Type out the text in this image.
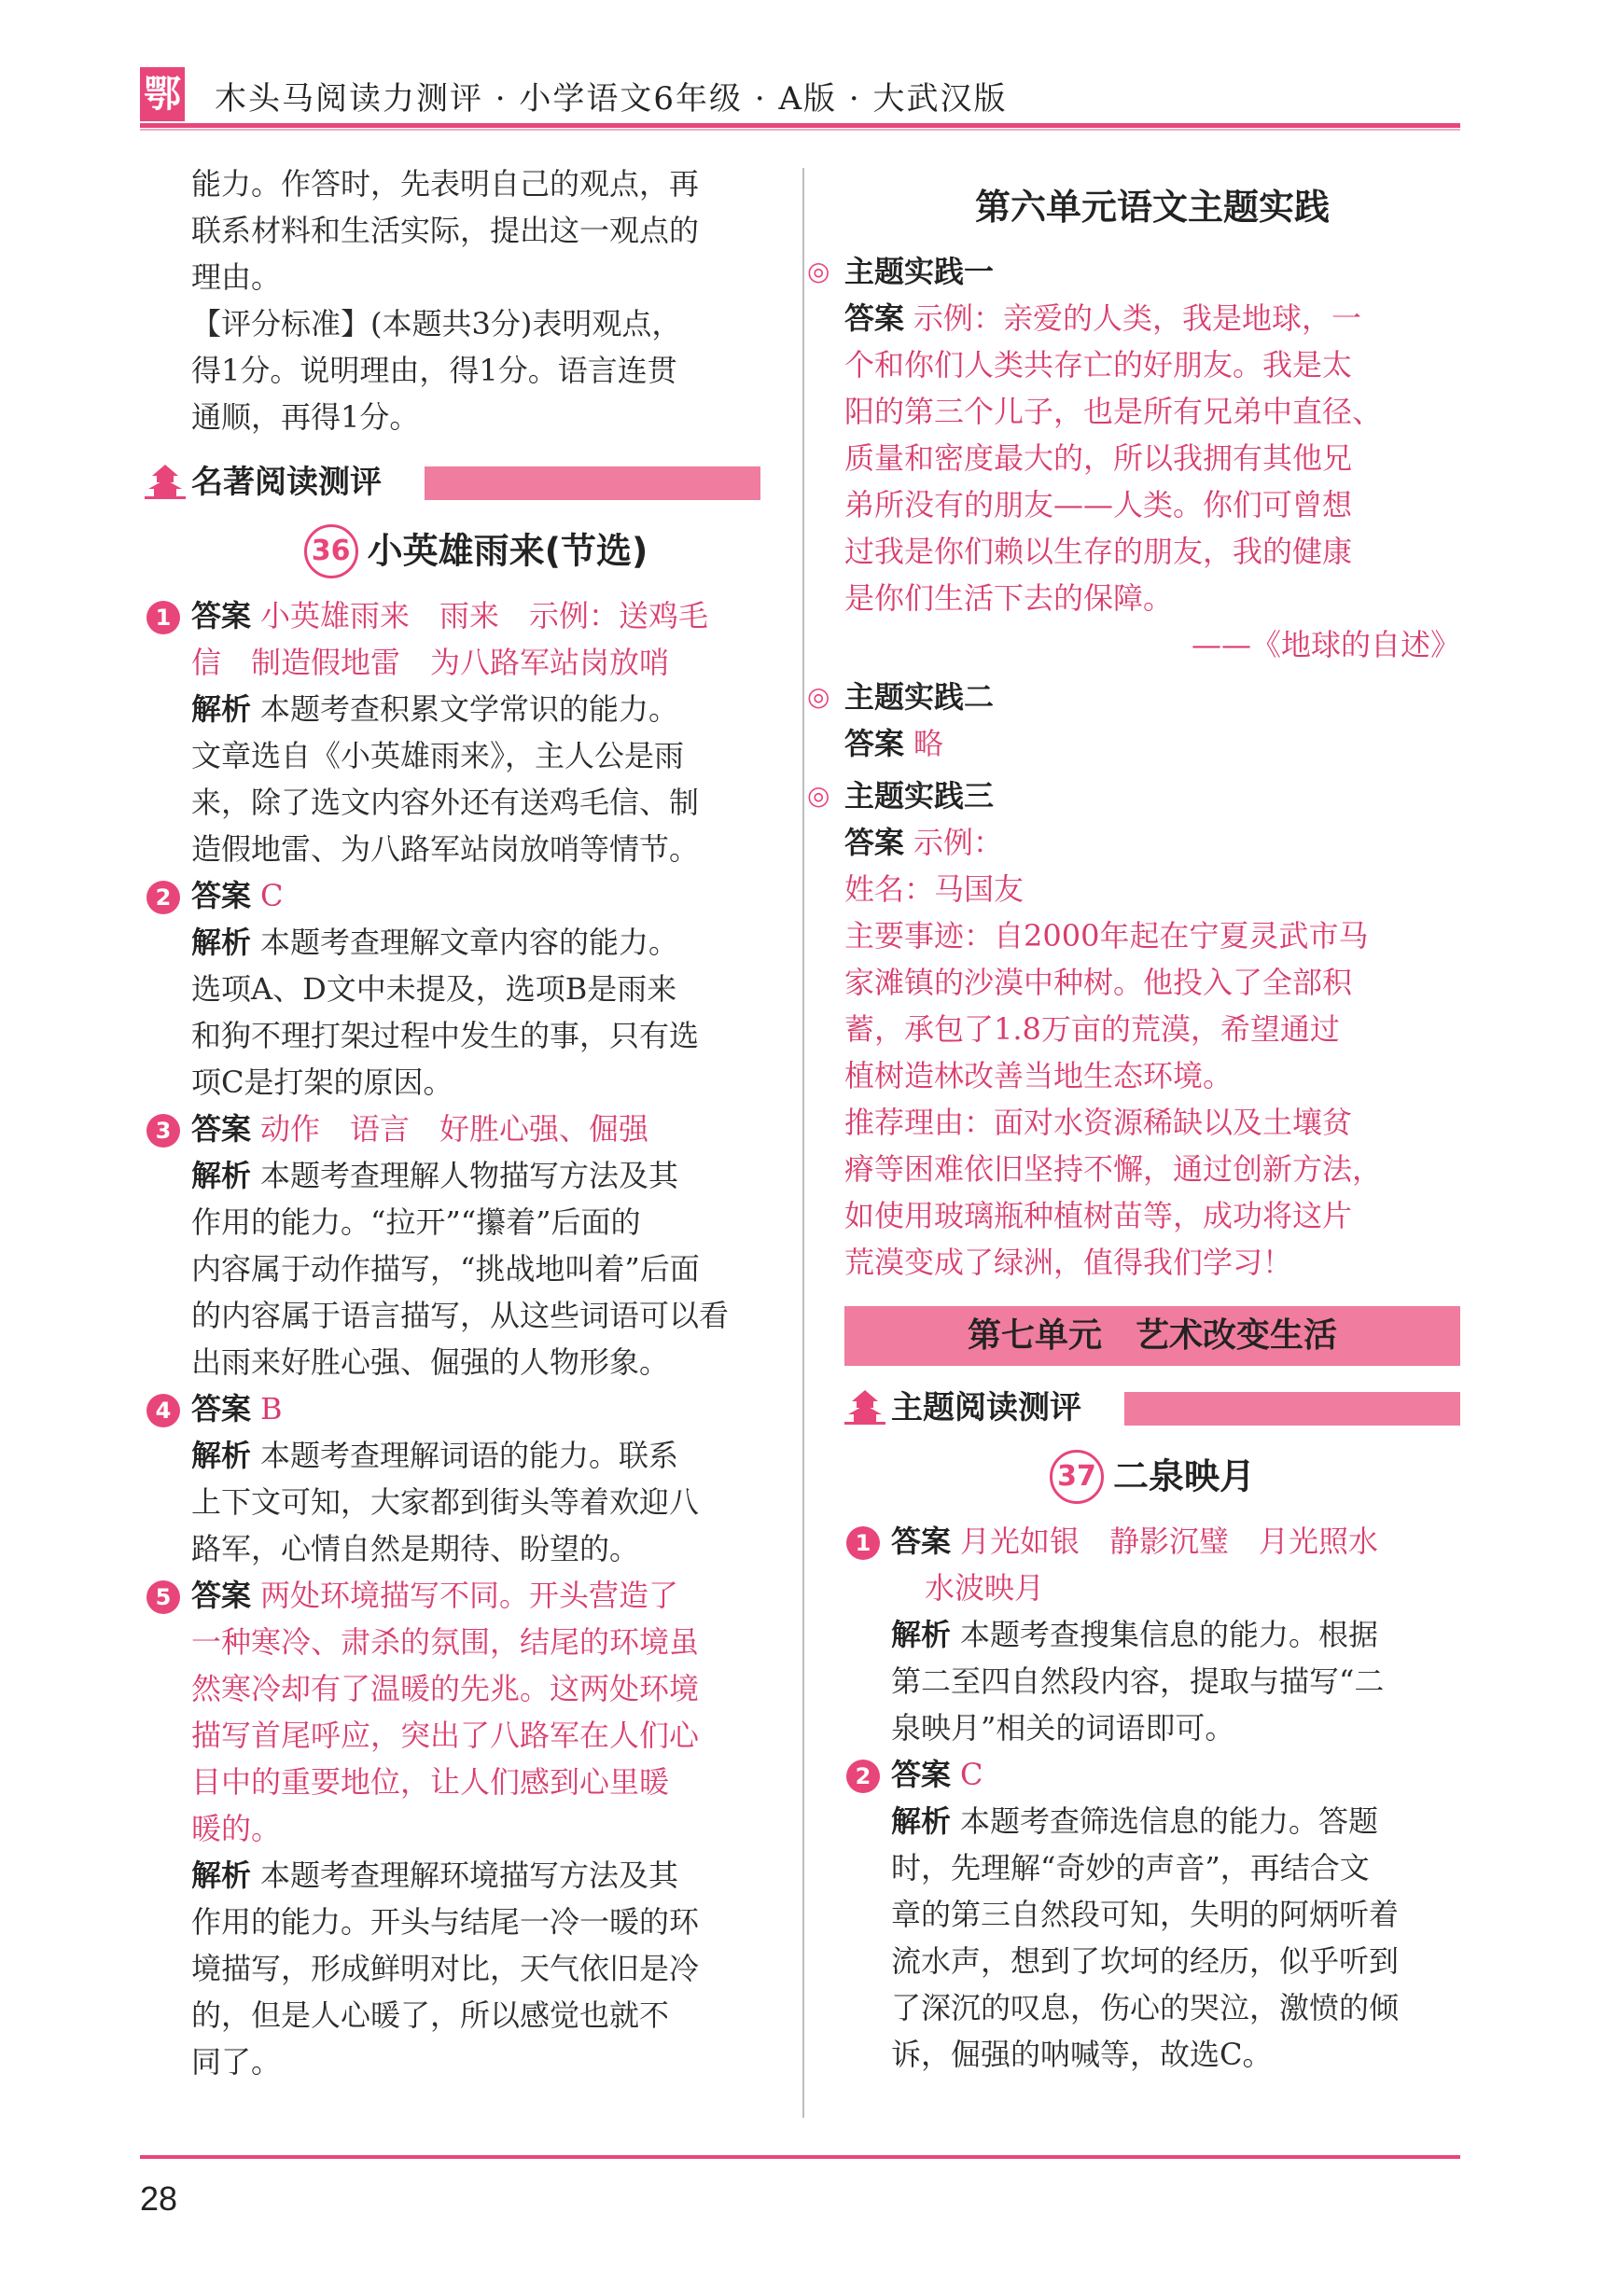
鄂 木头马阅读力测评 · 小学语文6年级 · A版 · 大武汉版

能力。作答时，先表明自己的观点，再

联系材料和生活实际，提出这一观点的

理由。

【评分标准】(本题共3分)表明观点，

得1分。说明理由，得1分。语言连贯

通顺，再得1分。

名著阅读测评
36 小英雄雨来(节选)
1 答案 小英雄雨来　雨来　示例：送鸡毛

信　制造假地雷　为八路军站岗放哨

解析 本题考查积累文学常识的能力。

文章选自《小英雄雨来》，主人公是雨

来，除了选文内容外还有送鸡毛信、制

造假地雷、为八路军站岗放哨等情节。

2 答案 C

解析 本题考查理解文章内容的能力。

选项A、D文中未提及，选项B是雨来

和狗不理打架过程中发生的事，只有选

项C是打架的原因。

3 答案 动作　语言　好胜心强、倔强

解析 本题考查理解人物描写方法及其

作用的能力。“拉开”“攥着”后面的

内容属于动作描写，“挑战地叫着”后面

的内容属于语言描写，从这些词语可以看

出雨来好胜心强、倔强的人物形象。

4 答案 B

解析 本题考查理解词语的能力。联系

上下文可知，大家都到街头等着欢迎八

路军，心情自然是期待、盼望的。

5 答案 两处环境描写不同。开头营造了

一种寒冷、肃杀的氛围，结尾的环境虽

然寒冷却有了温暖的先兆。这两处环境

描写首尾呼应，突出了八路军在人们心

目中的重要地位，让人们感到心里暖

暖的。

解析 本题考查理解环境描写方法及其

作用的能力。开头与结尾一冷一暖的环

境描写，形成鲜明对比，天气依旧是冷

的，但是人心暖了，所以感觉也就不

同了。

第六单元语文主题实践
◎ 主题实践一

答案 示例：亲爱的人类，我是地球，一

个和你们人类共存亡的好朋友。我是太

阳的第三个儿子，也是所有兄弟中直径、

质量和密度最大的，所以我拥有其他兄

弟所没有的朋友——人类。你们可曾想

过我是你们赖以生存的朋友，我的健康

是你们生活下去的保障。

——《地球的自述》

◎ 主题实践二

答案 略

◎ 主题实践三

答案 示例：

姓名：马国友

主要事迹：自2000年起在宁夏灵武市马

家滩镇的沙漠中种树。他投入了全部积

蓄，承包了1.8万亩的荒漠，希望通过

植树造林改善当地生态环境。

推荐理由：面对水资源稀缺以及土壤贫

瘠等困难依旧坚持不懈，通过创新方法，

如使用玻璃瓶种植树苗等，成功将这片

荒漠变成了绿洲，值得我们学习！

第七单元　艺术改变生活
主题阅读测评
37 二泉映月
1 答案 月光如银　静影沉璧　月光照水

水波映月

解析 本题考查搜集信息的能力。根据

第二至四自然段内容，提取与描写“二

泉映月”相关的词语即可。

2 答案 C

解析 本题考查筛选信息的能力。答题

时，先理解“奇妙的声音”，再结合文

章的第三自然段可知，失明的阿炳听着

流水声，想到了坎坷的经历，似乎听到

了深沉的叹息，伤心的哭泣，激愤的倾

诉，倔强的呐喊等，故选C。

28
